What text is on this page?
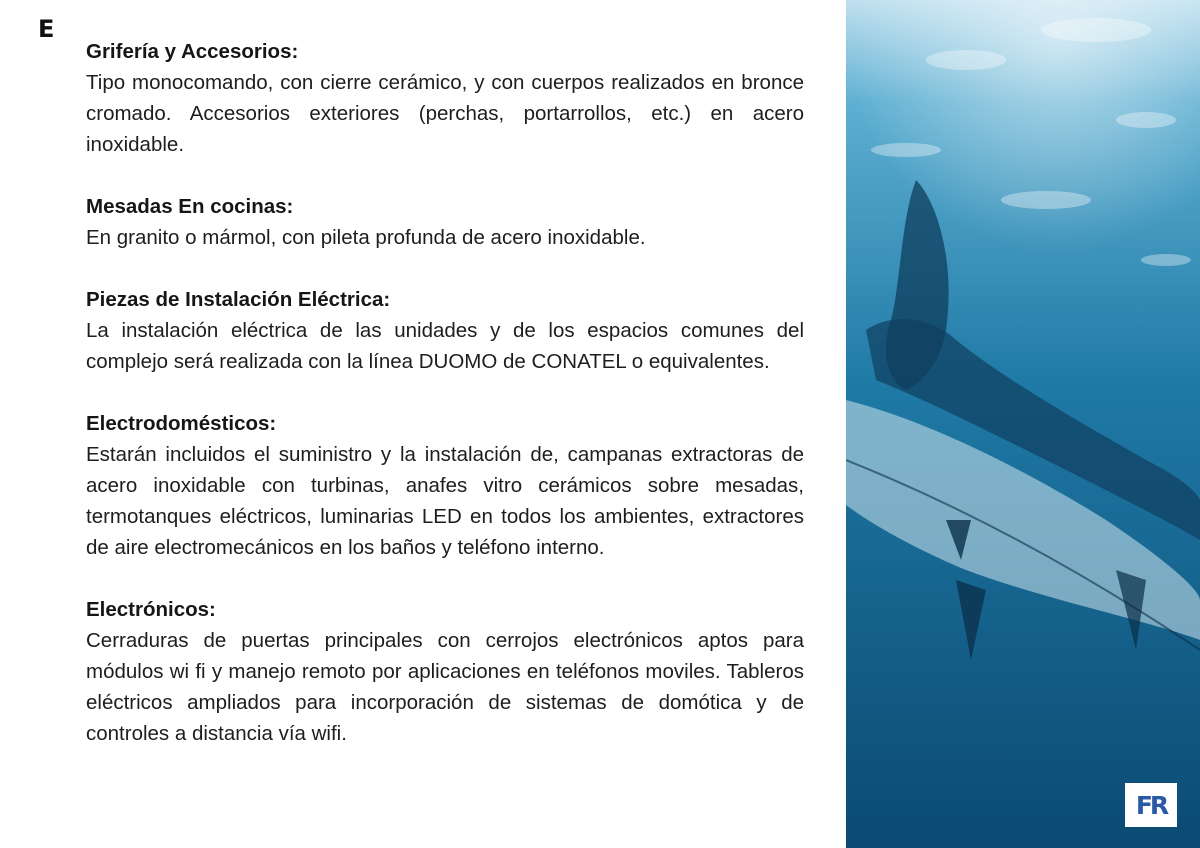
E

Grifería y Accesorios:

Tipo monocomando, con cierre cerámico, y con cuerpos realizados en bronce cromado. Accesorios exteriores (perchas, portarrollos, etc.) en acero inoxidable.

Mesadas En cocinas:

En granito o mármol, con pileta profunda de acero inoxidable.

Piezas de Instalación Eléctrica:

La instalación eléctrica de las unidades y de los espacios comunes del complejo será realizada con la línea DUOMO de CONATEL o equivalentes.

Electrodomésticos:

Estarán incluidos el suministro y la instalación de, campanas extractoras de acero inoxidable con turbinas, anafes vitro cerámicos sobre mesadas, termotanques eléctricos, luminarias LED en todos los ambientes, extractores de aire electromecánicos en los baños y teléfono interno.

Electrónicos:

Cerraduras de puertas principales con cerrojos electrónicos aptos para módulos wi fi y manejo remoto por aplicaciones en teléfonos moviles. Tableros eléctricos ampliados para incorporación de sistemas de domótica y de controles a distancia vía wifi.

FR
